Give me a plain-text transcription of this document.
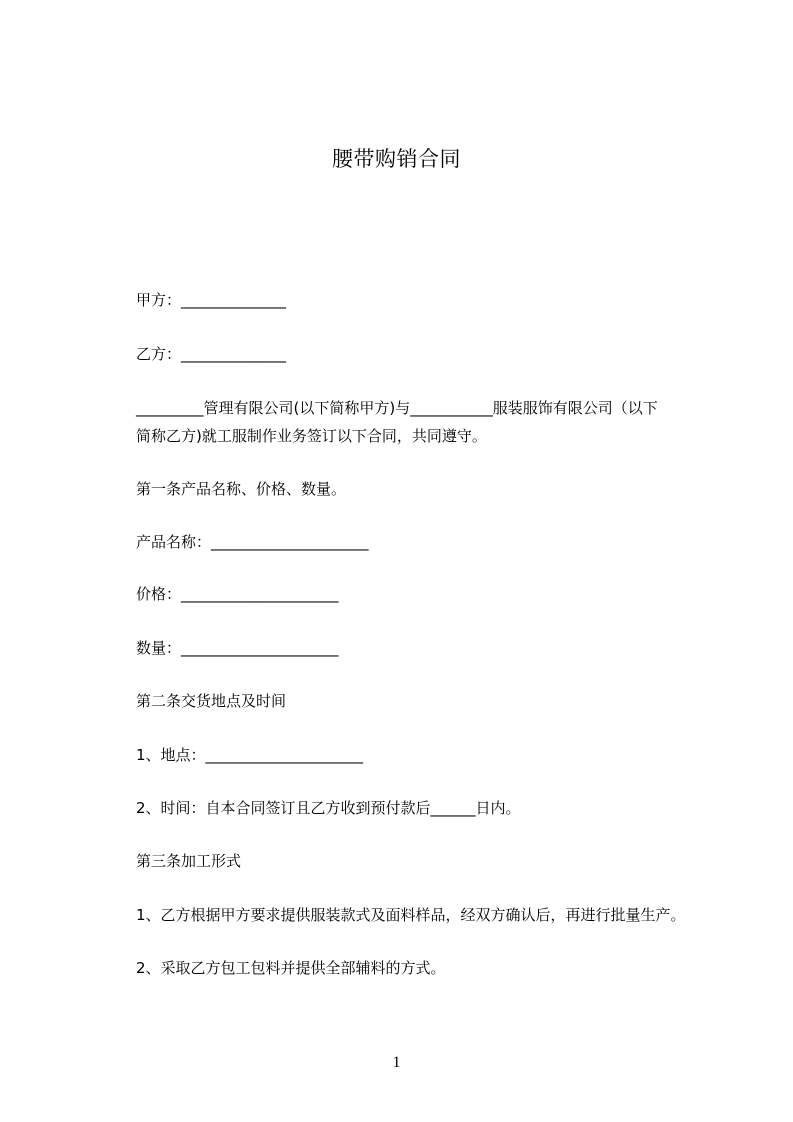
腰带购销合同
甲方：______________
乙方：______________
_________管理有限公司(以下简称甲方)与___________服装服饰有限公司（以下
简称乙方)就工服制作业务签订以下合同，共同遵守。
第一条产品名称、价格、数量。
产品名称：_____________________
价格：_____________________
数量：_____________________
第二条交货地点及时间
1、地点：_____________________
2、时间：自本合同签订且乙方收到预付款后______日内。
第三条加工形式
1、乙方根据甲方要求提供服装款式及面料样品，经双方确认后，再进行批量生产。
2、采取乙方包工包料并提供全部辅料的方式。
1
